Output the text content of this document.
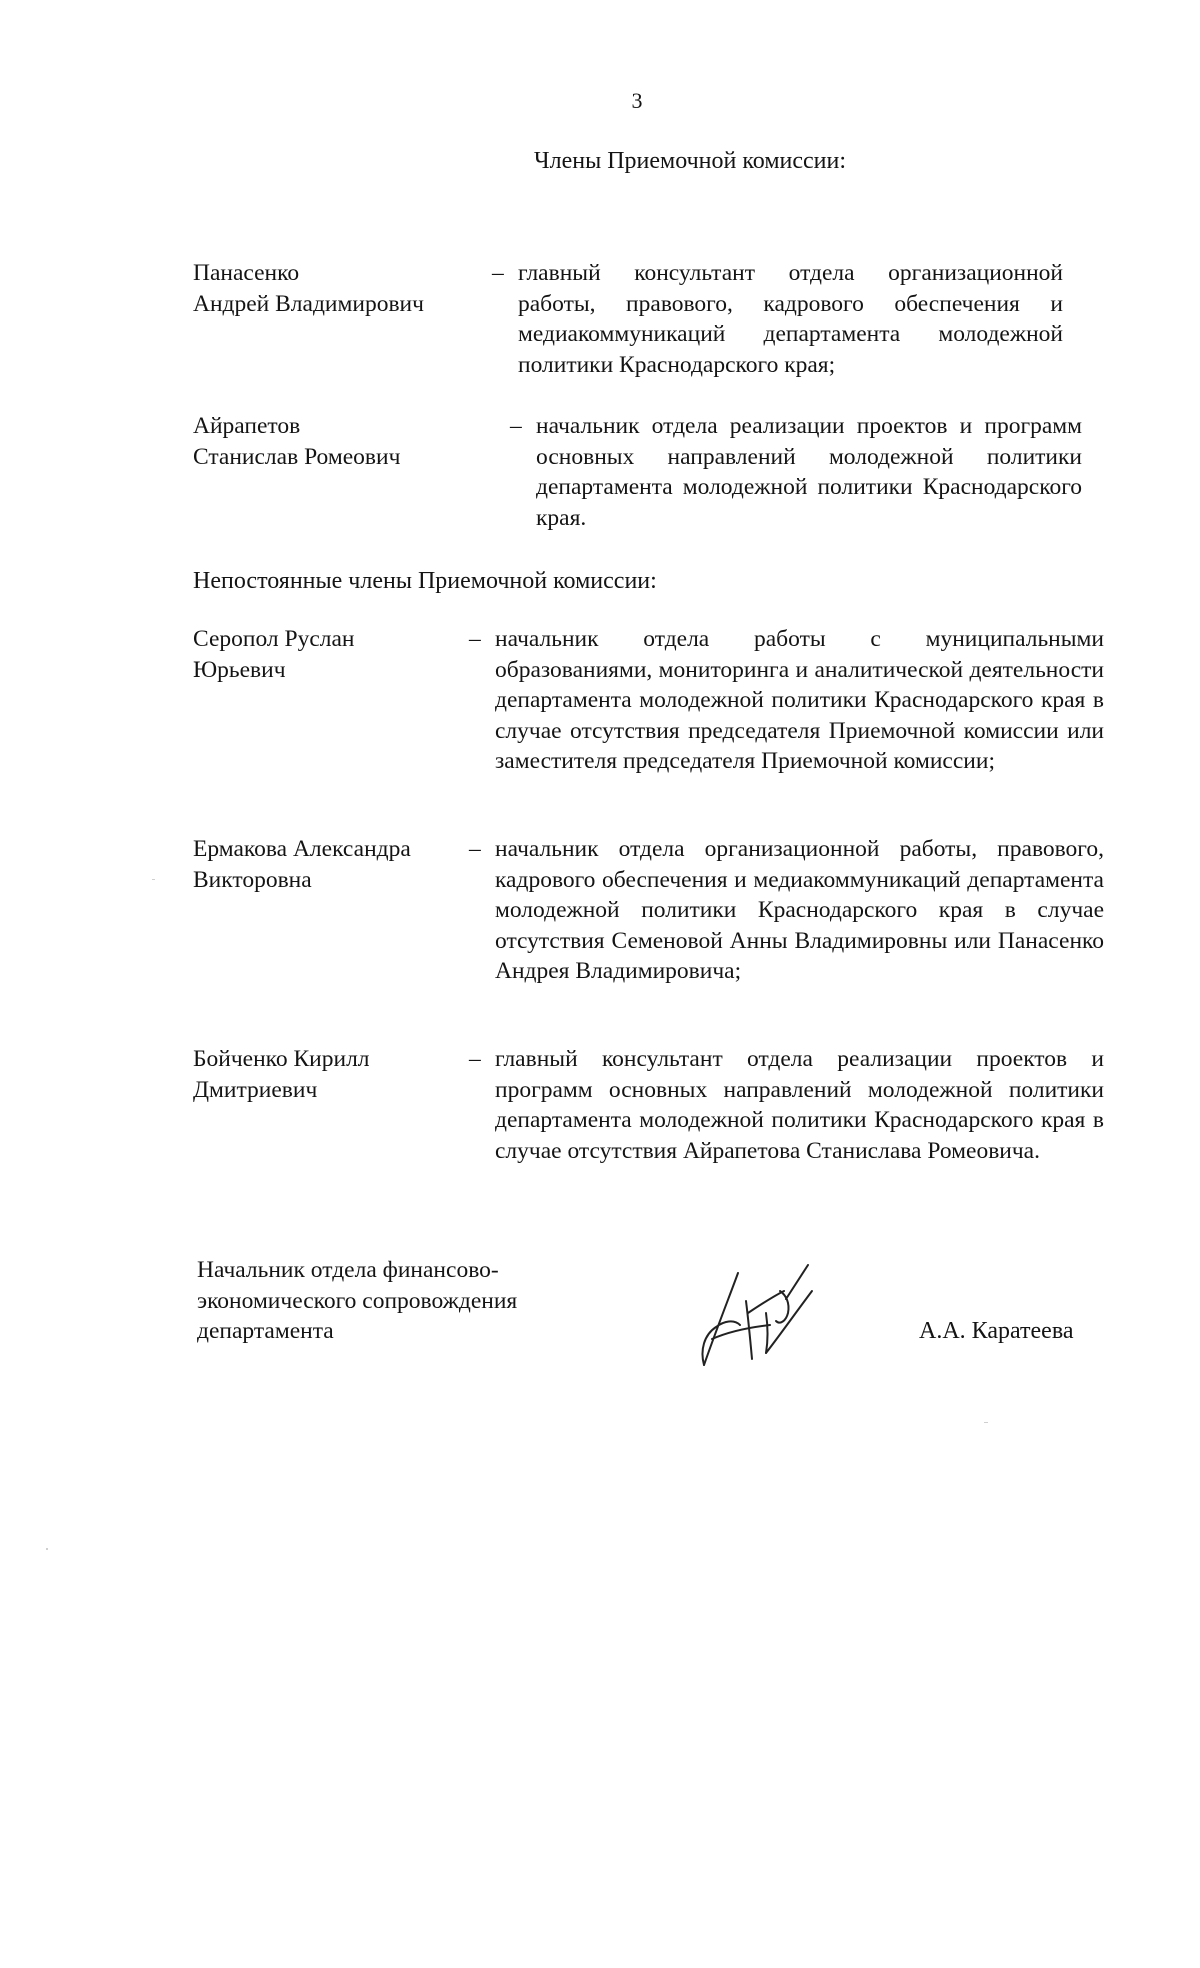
3
Члены Приемочной комиссии:
Панасенко
Андрей Владимирович
– главный консультант отдела организационной работы, правового, кадрового обеспечения и медиакоммуникаций департамента молодежной политики Краснодарского края;
Айрапетов
Станислав Ромеович
– начальник отдела реализации проектов и программ основных направлений молодежной политики департамента молодежной политики Краснодарского края.
Непостоянные члены Приемочной комиссии:
Серопол Руслан
Юрьевич
– начальник отдела работы с муниципальными образованиями, мониторинга и аналитической деятельности департамента молодежной политики Краснодарского края в случае отсутствия председателя Приемочной комиссии или заместителя председателя Приемочной комиссии;
Ермакова Александра
Викторовна
– начальник отдела организационной работы, правового, кадрового обеспечения и медиакоммуникаций департамента молодежной политики Краснодарского края в случае отсутствия Семеновой Анны Владимировны или Панасенко Андрея Владимировича;
Бойченко Кирилл
Дмитриевич
– главный консультант отдела реализации проектов и программ основных направлений молодежной политики департамента молодежной политики Краснодарского края в случае отсутствия Айрапетова Станислава Ромеовича.
Начальник отдела финансово-
экономического сопровождения
департамента	А.А. Каратеева
